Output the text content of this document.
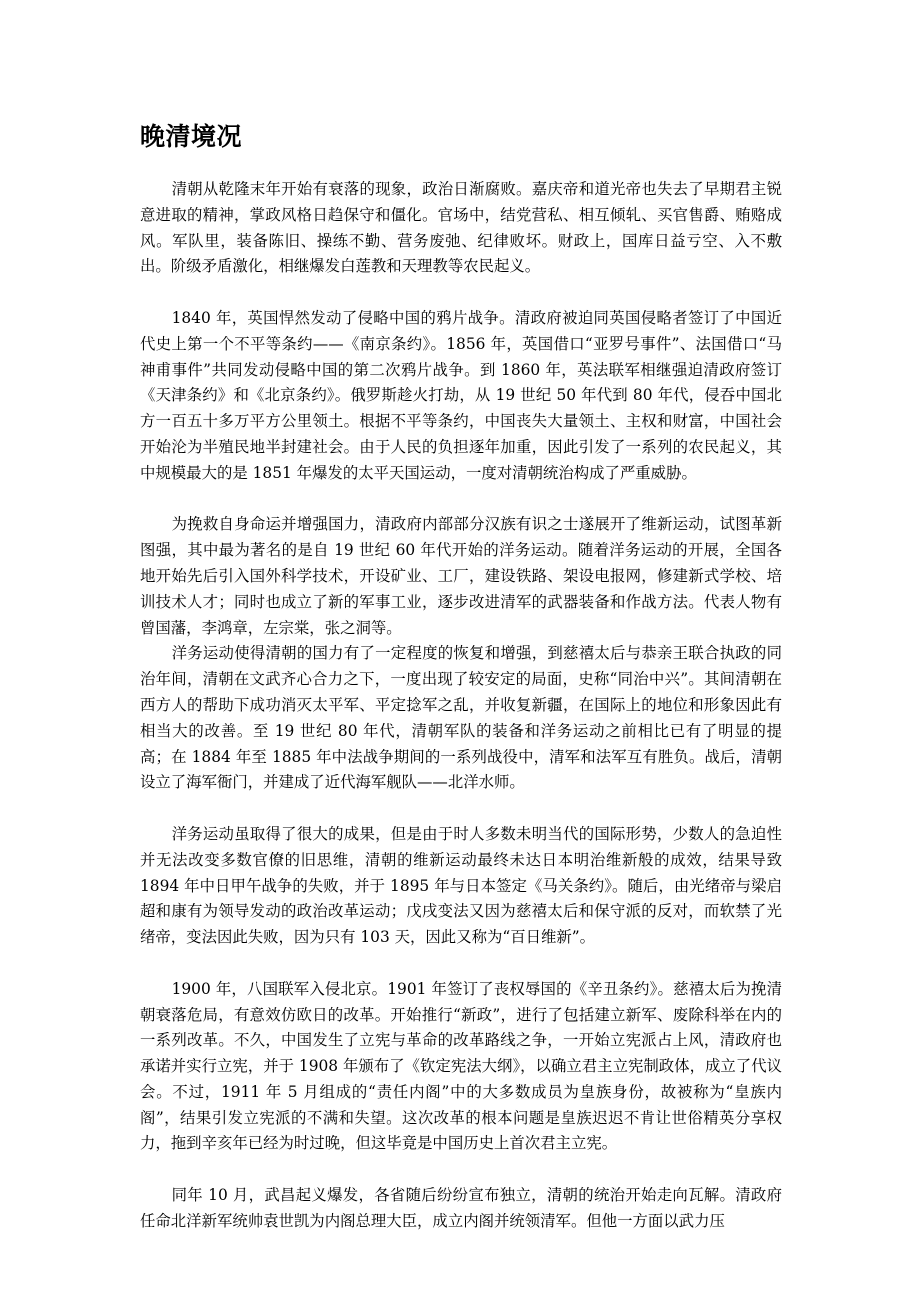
晚清境况

清朝从乾隆末年开始有衰落的现象，政治日渐腐败。嘉庆帝和道光帝也失去了早期君主锐意进取的精神，掌政风格日趋保守和僵化。官场中，结党营私、相互倾轧、买官售爵、贿赂成风。军队里，装备陈旧、操练不勤、营务废弛、纪律败坏。财政上，国库日益亏空、入不敷出。阶级矛盾激化，相继爆发白莲教和天理教等农民起义。

1840 年，英国悍然发动了侵略中国的鸦片战争。清政府被迫同英国侵略者签订了中国近代史上第一个不平等条约——《南京条约》。1856 年，英国借口“亚罗号事件”、法国借口“马神甫事件”共同发动侵略中国的第二次鸦片战争。到 1860 年，英法联军相继强迫清政府签订《天津条约》和《北京条约》。俄罗斯趁火打劫，从 19 世纪 50 年代到 80 年代，侵吞中国北方一百五十多万平方公里领土。根据不平等条约，中国丧失大量领土、主权和财富，中国社会开始沦为半殖民地半封建社会。由于人民的负担逐年加重，因此引发了一系列的农民起义，其中规模最大的是 1851 年爆发的太平天国运动，一度对清朝统治构成了严重威胁。

为挽救自身命运并增强国力，清政府内部部分汉族有识之士遂展开了维新运动，试图革新图强，其中最为著名的是自 19 世纪 60 年代开始的洋务运动。随着洋务运动的开展，全国各地开始先后引入国外科学技术，开设矿业、工厂，建设铁路、架设电报网，修建新式学校、培训技术人才；同时也成立了新的军事工业，逐步改进清军的武器装备和作战方法。代表人物有曾国藩，李鸿章，左宗棠，张之洞等。

洋务运动使得清朝的国力有了一定程度的恢复和增强，到慈禧太后与恭亲王联合执政的同治年间，清朝在文武齐心合力之下，一度出现了较安定的局面，史称“同治中兴”。其间清朝在西方人的帮助下成功消灭太平军、平定捻军之乱，并收复新疆，在国际上的地位和形象因此有相当大的改善。至 19 世纪 80 年代，清朝军队的装备和洋务运动之前相比已有了明显的提高；在 1884 年至 1885 年中法战争期间的一系列战役中，清军和法军互有胜负。战后，清朝设立了海军衙门，并建成了近代海军舰队——北洋水师。

洋务运动虽取得了很大的成果，但是由于时人多数未明当代的国际形势，少数人的急迫性并无法改变多数官僚的旧思维，清朝的维新运动最终未达日本明治维新般的成效，结果导致 1894 年中日甲午战争的失败，并于 1895 年与日本签定《马关条约》。随后，由光绪帝与梁启超和康有为领导发动的政治改革运动；戊戌变法又因为慈禧太后和保守派的反对，而软禁了光绪帝，变法因此失败，因为只有 103 天，因此又称为“百日维新”。

1900 年，八国联军入侵北京。1901 年签订了丧权辱国的《辛丑条约》。慈禧太后为挽清朝衰落危局，有意效仿欧日的改革。开始推行“新政”，进行了包括建立新军、废除科举在内的一系列改革。不久，中国发生了立宪与革命的改革路线之争，一开始立宪派占上风，清政府也承诺并实行立宪，并于 1908 年颁布了《钦定宪法大纲》，以确立君主立宪制政体，成立了代议会。不过，1911 年 5 月组成的“责任内阁”中的大多数成员为皇族身份，故被称为“皇族内阁”，结果引发立宪派的不满和失望。这次改革的根本问题是皇族迟迟不肯让世俗精英分享权力，拖到辛亥年已经为时过晚，但这毕竟是中国历史上首次君主立宪。

同年 10 月，武昌起义爆发，各省随后纷纷宣布独立，清朝的统治开始走向瓦解。清政府任命北洋新军统帅袁世凯为内阁总理大臣，成立内阁并统领清军。但他一方面以武力压
